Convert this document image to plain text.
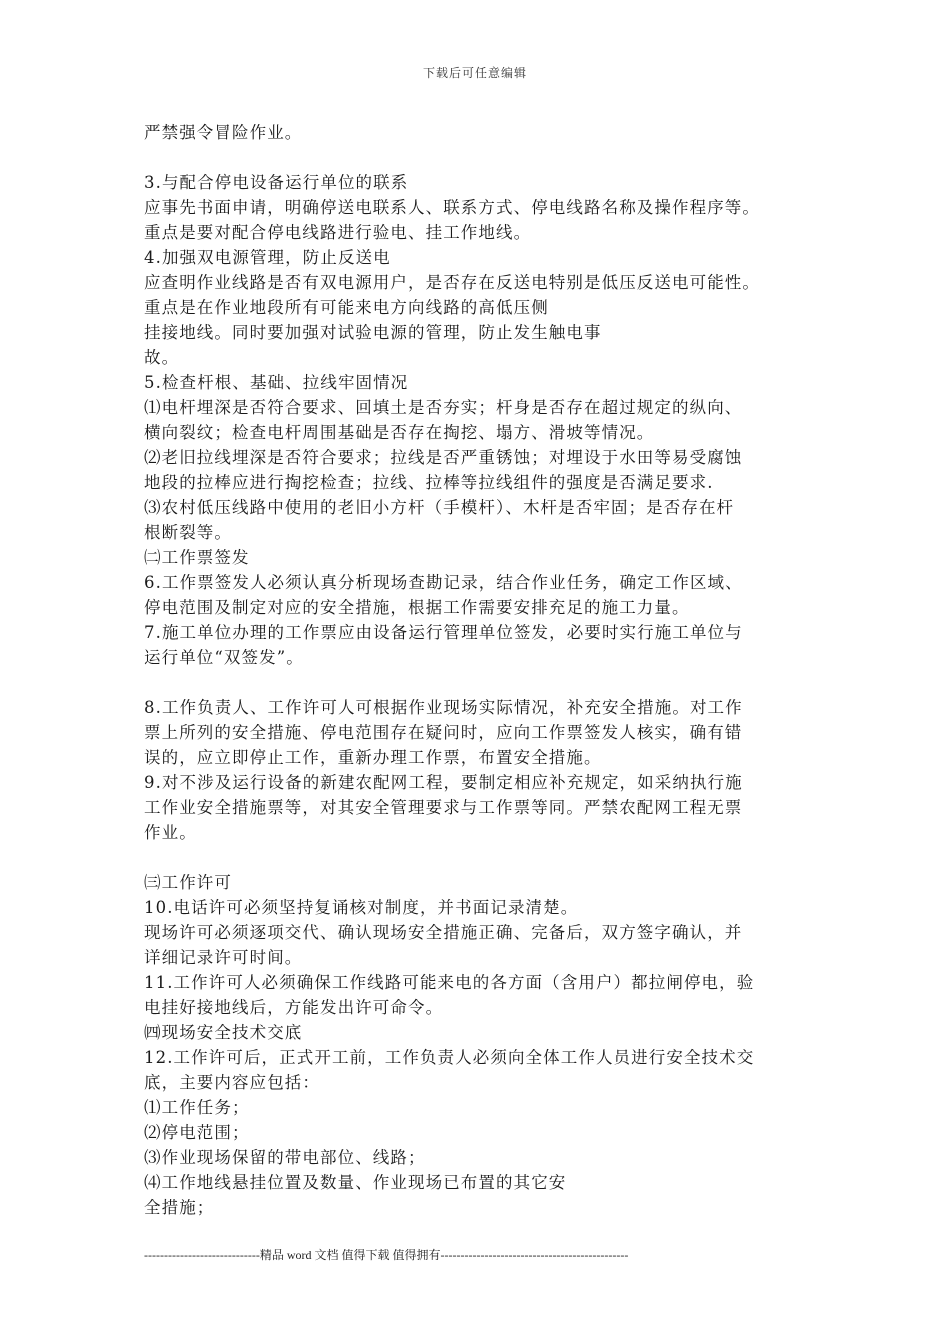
下载后可任意编辑
严禁强令冒险作业。
3.与配合停电设备运行单位的联系
应事先书面申请，明确停送电联系人、联系方式、停电线路名称及操作程序等。
重点是要对配合停电线路进行验电、挂工作地线。
4.加强双电源管理，防止反送电
应查明作业线路是否有双电源用户，是否存在反送电特别是低压反送电可能性。
重点是在作业地段所有可能来电方向线路的高低压侧
挂接地线。同时要加强对试验电源的管理，防止发生触电事
故。
5.检查杆根、基础、拉线牢固情况
⑴电杆埋深是否符合要求、回填土是否夯实；杆身是否存在超过规定的纵向、
横向裂纹；检查电杆周围基础是否存在掏挖、塌方、滑坡等情况。
⑵老旧拉线埋深是否符合要求；拉线是否严重锈蚀；对埋设于水田等易受腐蚀
地段的拉棒应进行掏挖检查；拉线、拉棒等拉线组件的强度是否满足要求.
⑶农村低压线路中使用的老旧小方杆（手模杆）、木杆是否牢固；是否存在杆
根断裂等。
㈡工作票签发
6.工作票签发人必须认真分析现场查勘记录，结合作业任务，确定工作区域、
停电范围及制定对应的安全措施，根据工作需要安排充足的施工力量。
7.施工单位办理的工作票应由设备运行管理单位签发，必要时实行施工单位与
运行单位“双签发”。
8.工作负责人、工作许可人可根据作业现场实际情况，补充安全措施。对工作
票上所列的安全措施、停电范围存在疑问时，应向工作票签发人核实，确有错
误的，应立即停止工作，重新办理工作票，布置安全措施。
9.对不涉及运行设备的新建农配网工程，要制定相应补充规定，如采纳执行施
工作业安全措施票等，对其安全管理要求与工作票等同。严禁农配网工程无票
作业。
㈢工作许可
10.电话许可必须坚持复诵核对制度，并书面记录清楚。
现场许可必须逐项交代、确认现场安全措施正确、完备后，双方签字确认，并
详细记录许可时间。
11.工作许可人必须确保工作线路可能来电的各方面（含用户）都拉闸停电，验
电挂好接地线后，方能发出许可命令。
㈣现场安全技术交底
12.工作许可后，正式开工前，工作负责人必须向全体工作人员进行安全技术交
底，主要内容应包括：
⑴工作任务；
⑵停电范围；
⑶作业现场保留的带电部位、线路；
⑷工作地线悬挂位置及数量、作业现场已布置的其它安
全措施；
-----------------------------精品 word 文档 值得下载 值得拥有-----------------------------------------------
